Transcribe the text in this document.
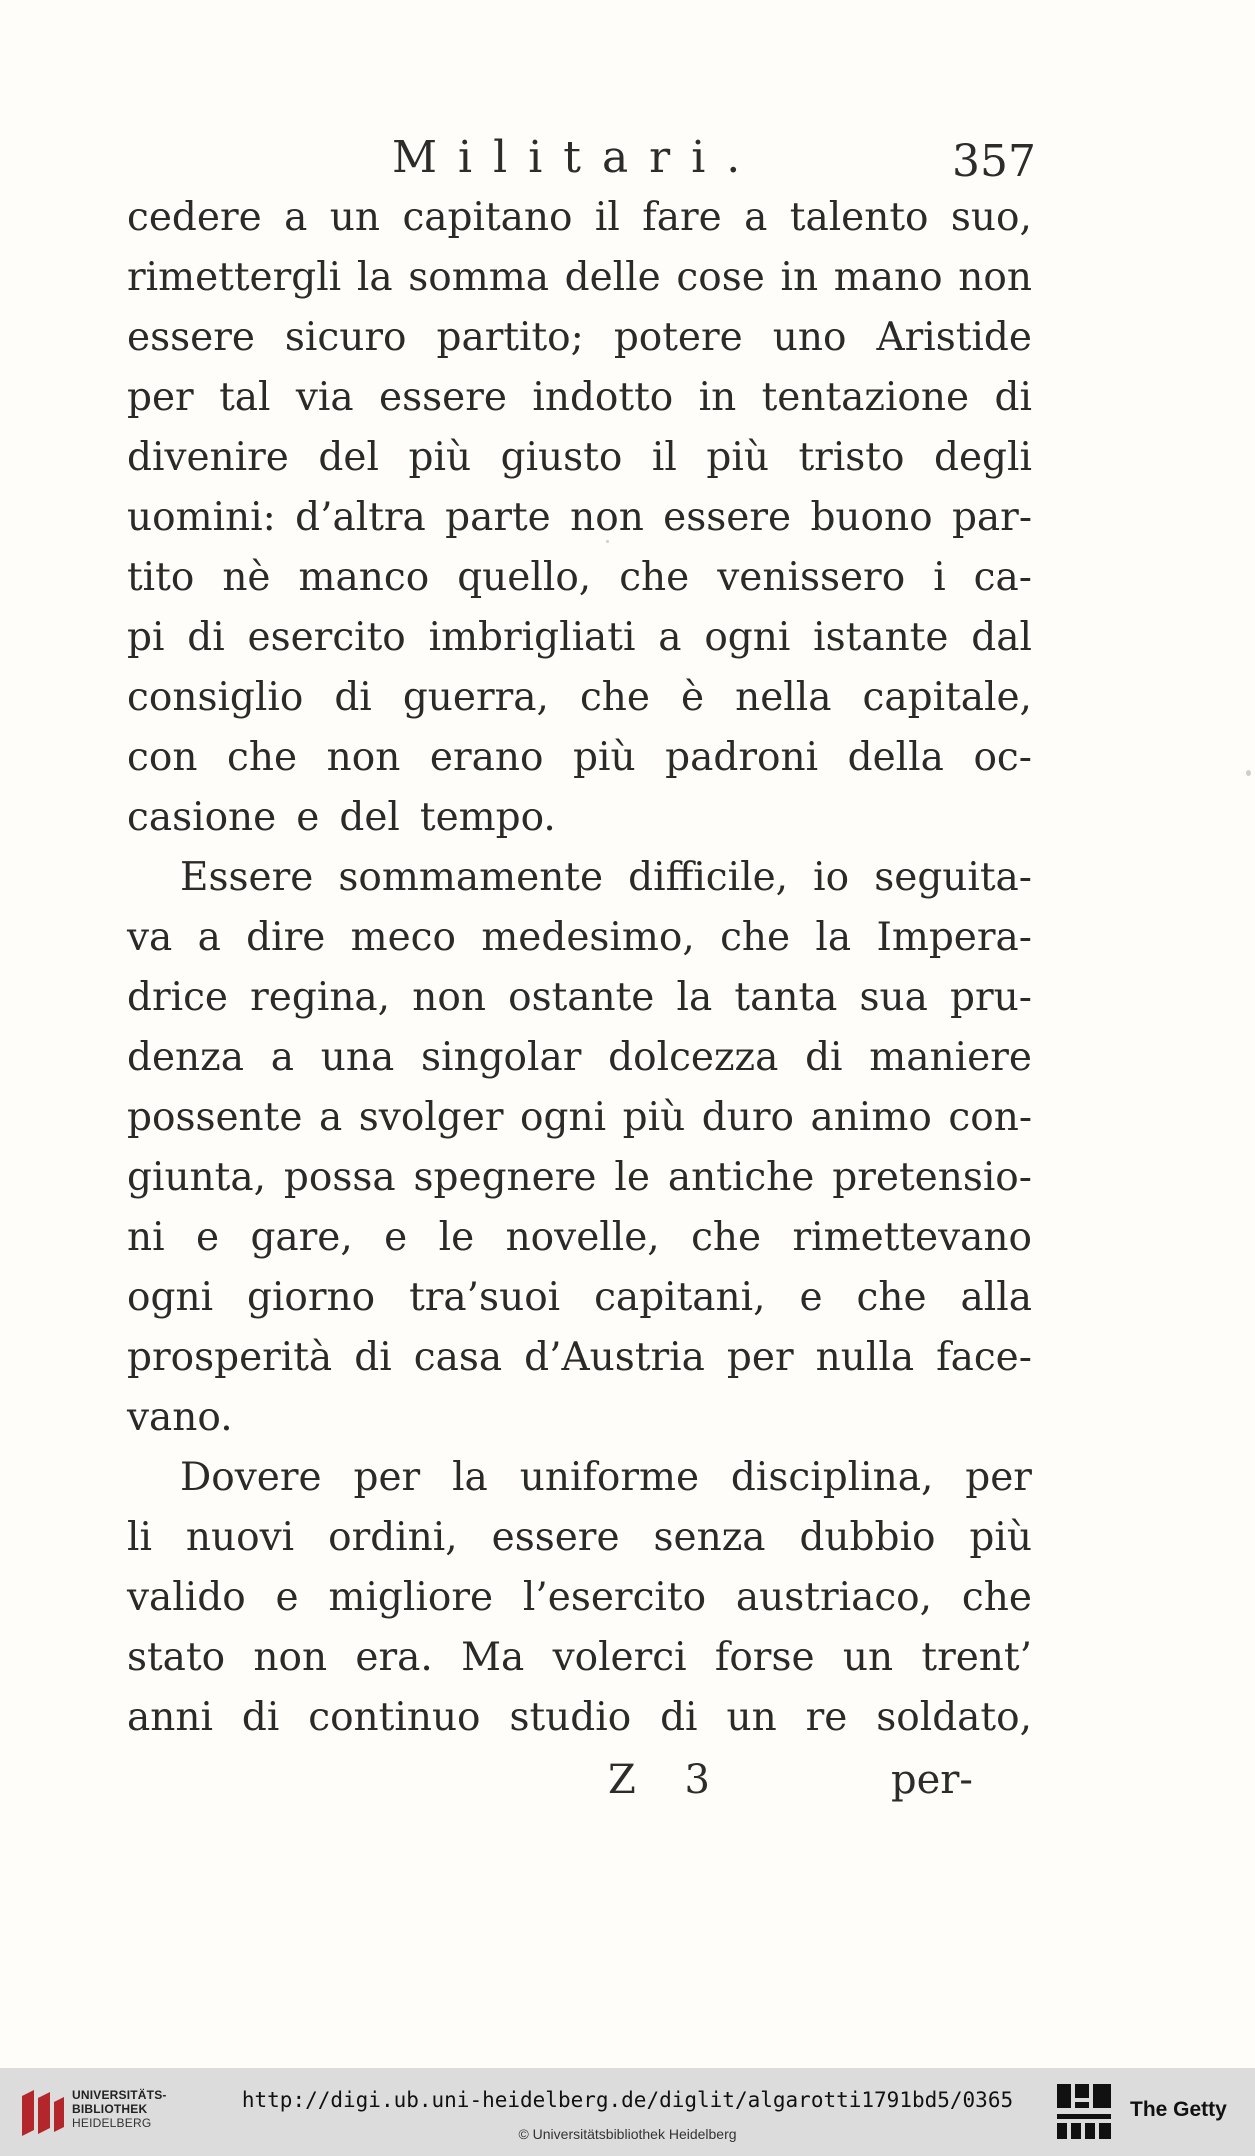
Militari.	357
cedere a un capitano il fare a talento suo,
rimettergli la somma delle cose in mano non
essere sicuro partito; potere uno Aristide
per tal via essere indotto in tentazione di
divenire del più giusto il più tristo degli
uomini: d’altra parte non essere buono par-
tito nè manco quello, che venissero i ca-
pi di esercito imbrigliati a ogni istante dal
consiglio di guerra, che è nella capitale,
con che non erano più padroni della oc-
casione e del tempo.
Essere sommamente difficile, io seguita-
va a dire meco medesimo, che la Impera-
drice regina, non ostante la tanta sua pru-
denza a una singolar dolcezza di maniere
possente a svolger ogni più duro animo con-
giunta, possa spegnere le antiche pretensio-
ni e gare, e le novelle, che rimettevano
ogni giorno tra’suoi capitani, e che alla
prosperità di casa d’Austria per nulla face-
vano.
Dovere per la uniforme disciplina, per
li nuovi ordini, essere senza dubbio più
valido e migliore l’esercito austriaco, che
stato non era. Ma volerci forse un trent’
anni di continuo studio di un re soldato,
Z 3	per-
UNIVERSITÄTS-
BIBLIOTHEK
HEIDELBERG
http://digi.ub.uni-heidelberg.de/diglit/algarotti1791bd5/0365
© Universitätsbibliothek Heidelberg
The Getty
